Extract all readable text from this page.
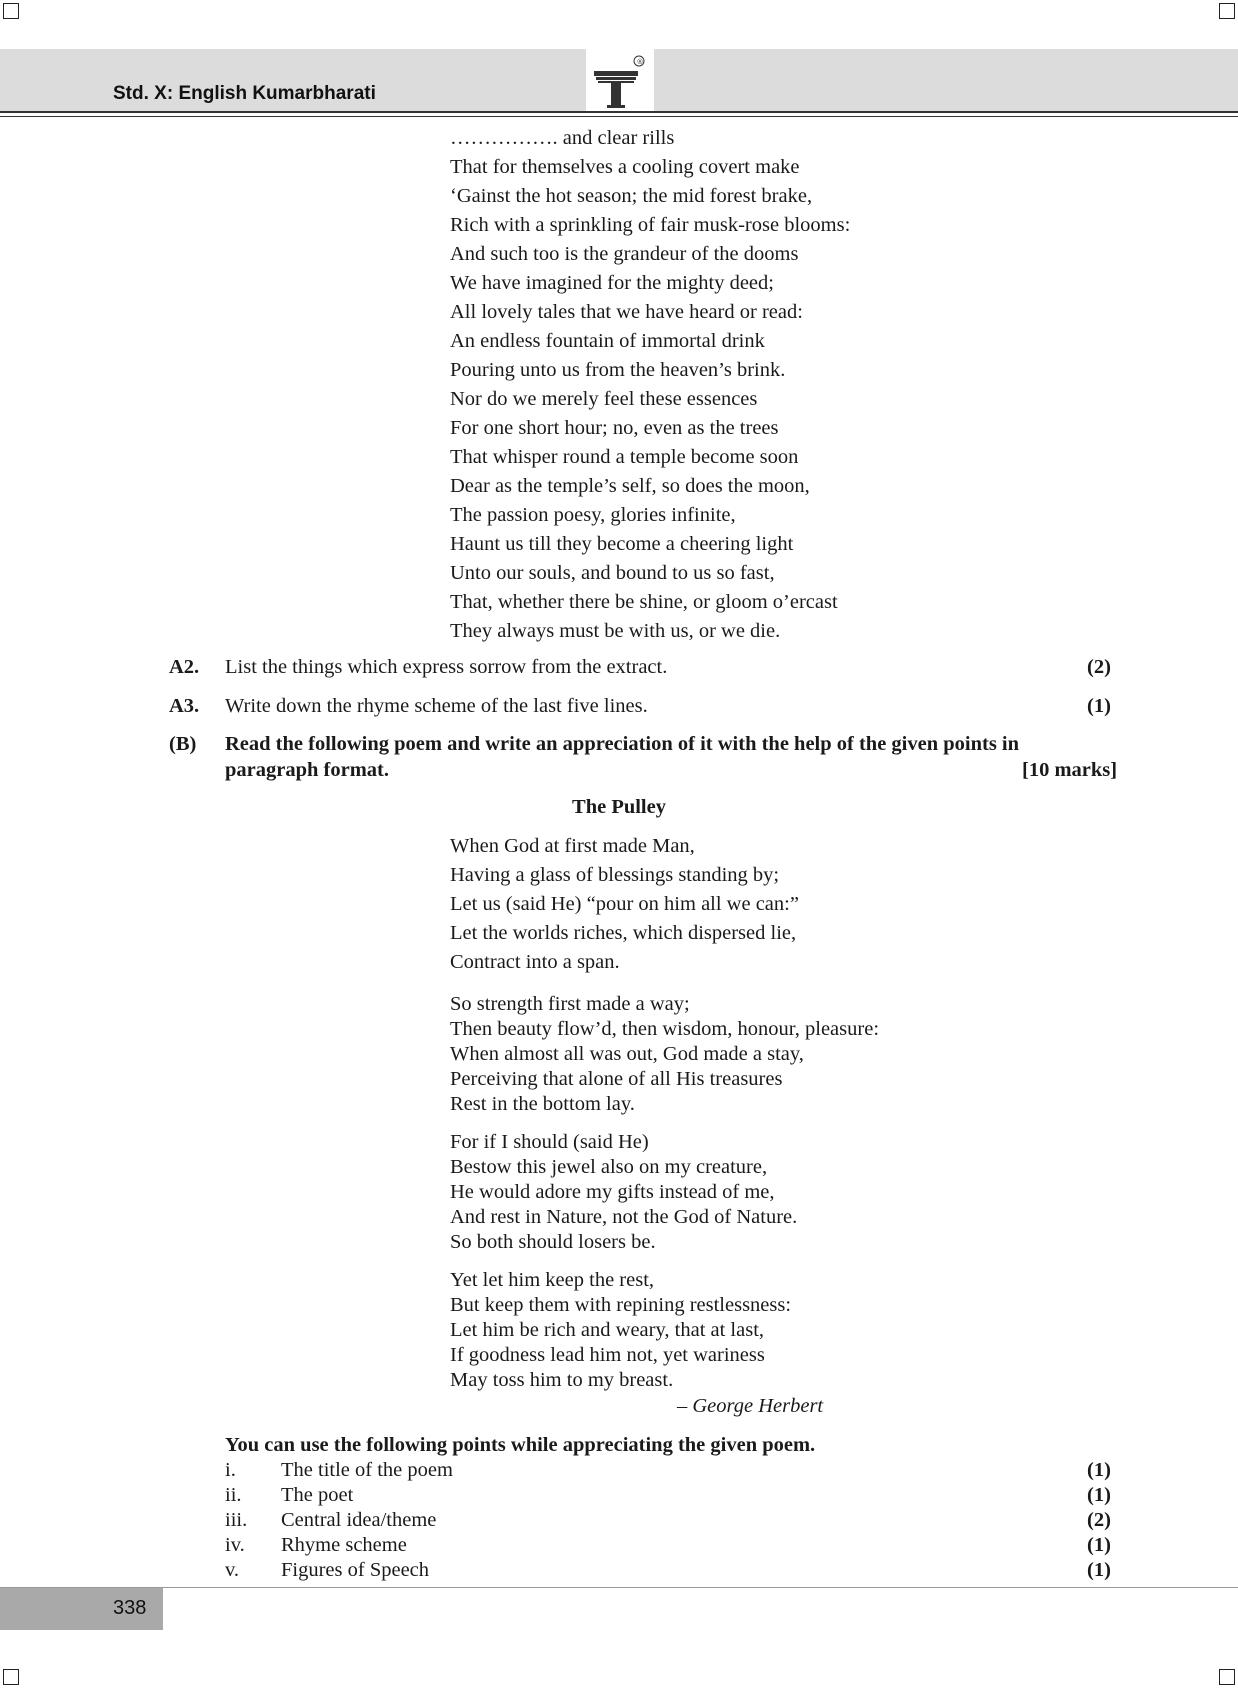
Std. X: English Kumarbharati
®
……………. and clear rills
That for themselves a cooling covert make
‘Gainst the hot season; the mid forest brake,
Rich with a sprinkling of fair musk-rose blooms:
And such too is the grandeur of the dooms
We have imagined for the mighty deed;
All lovely tales that we have heard or read:
An endless fountain of immortal drink
Pouring unto us from the heaven’s brink.
Nor do we merely feel these essences
For one short hour; no, even as the trees
That whisper round a temple become soon
Dear as the temple’s self, so does the moon,
The passion poesy, glories infinite,
Haunt us till they become a cheering light
Unto our souls, and bound to us so fast,
That, whether there be shine, or gloom o’ercast
They always must be with us, or we die.
A2. List the things which express sorrow from the extract.	(2)
A3. Write down the rhyme scheme of the last five lines.	(1)
(B) Read the following poem and write an appreciation of it with the help of the given points in
paragraph format.	[10 marks]
The Pulley
When God at first made Man,
Having a glass of blessings standing by;
Let us (said He) “pour on him all we can:”
Let the worlds riches, which dispersed lie,
Contract into a span.
So strength first made a way;
Then beauty flow’d, then wisdom, honour, pleasure:
When almost all was out, God made a stay,
Perceiving that alone of all His treasures
Rest in the bottom lay.
For if I should (said He)
Bestow this jewel also on my creature,
He would adore my gifts instead of me,
And rest in Nature, not the God of Nature.
So both should losers be.
Yet let him keep the rest,
But keep them with repining restlessness:
Let him be rich and weary, that at last,
If goodness lead him not, yet wariness
May toss him to my breast.
– George Herbert
You can use the following points while appreciating the given poem.
i. The title of the poem	(1)
ii. The poet	(1)
iii. Central idea/theme	(2)
iv. Rhyme scheme	(1)
v. Figures of Speech	(1)
338
